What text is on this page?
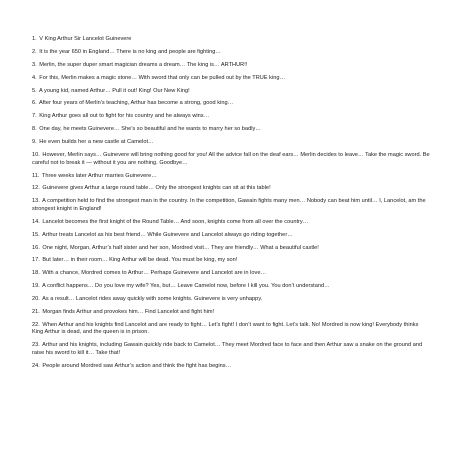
1. V King Arthur Sir Lancelot Guinevere

2. It is the year 650 in England… There is no king and people are fighting…

3. Merlin, the super duper smart magician dreams a dream… The king is… ARTHUR!!

4. For this, Merlin makes a magic stone… With sword that only can be pulled out by the TRUE king…

5. A young kid, named Arthur… Pull it out! King! Our New King!

6. After four years of Merlin’s teaching, Arthur has become a strong, good king…

7. King Arthur goes all out to fight for his country and he always wins…

8. One day, he meets Guinevere… She’s so beautiful and he wants to marry her so badly…

9. He even builds her a new castle at Camelot…

10. However, Merlin says… Guinevere will bring nothing good for you! All the advice fall on the deaf ears… Merlin decides to leave… Take the magic sword. Be careful not to break it — without it you are nothing. Goodbye…

11. Three weeks later Arthur marries Guinevere…

12. Guinevere gives Arthur a large round table… Only the strongest knights can sit at this table!

13. A competition held to find the strongest man in the country. In the competition, Gawain fights many men… Nobody can beat him until… I, Lancelot, am the strongest knight in England!

14. Lancelot becomes the first knight of the Round Table… And soon, knights come from all over the country…

15. Arthur treats Lancelot as his best friend… While Guinevere and Lancelot always go riding together…

16. One night, Morgan, Arthur’s half sister and her son, Mordred visit… They are friendly… What a beautiful castle!

17. But later… in their room… King Arthur will be dead. You must be king, my son!

18. With a chance, Mordred comes to Arthur… Perhaps Guinevere and Lancelot are in love…

19. A conflict happens… Do you love my wife? Yes, but… Leave Camelot now, before I kill you. You don’t understand…

20. As a result… Lancelot rides away quickly with some knights. Guinevere is very unhappy.

21. Morgan finds Arthur and provokes him… Find Lancelot and fight him!

22. When Arthur and his knights find Lancelot and are ready to fight… Let’s fight! I don’t want to fight. Let’s talk. No! Mordred is now king! Everybody thinks King Arthur is dead, and the queen is in prison.

23. Arthur and his knights, including Gawain quickly ride back to Camelot… They meet Mordred face to face and then Arthur saw a snake on the ground and raise his sword to kill it… Take that!

24. People around Mordred saw Arthur’s action and think the fight has begins…
